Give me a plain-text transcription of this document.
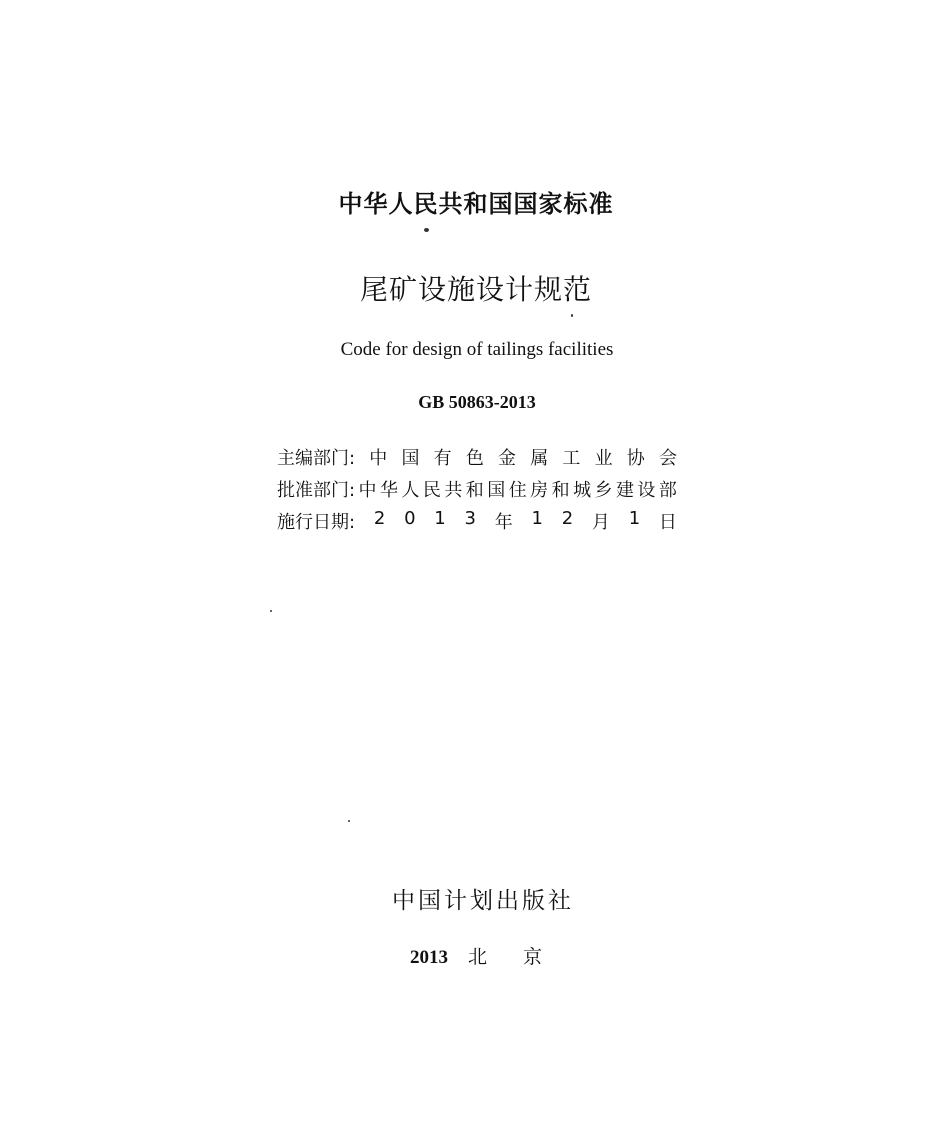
中华人民共和国国家标准
尾矿设施设计规范
Code for design of tailings facilities
GB 50863-2013
主编部门: 中 国 有 色 金 属 工 业 协 会
批准部门: 中 华 人 民 共 和 国 住 房 和 城 乡 建 设 部
施行日期: 2 0 1 3 年 1 2 月 1 日
中国计划出版社
2013 北 京
